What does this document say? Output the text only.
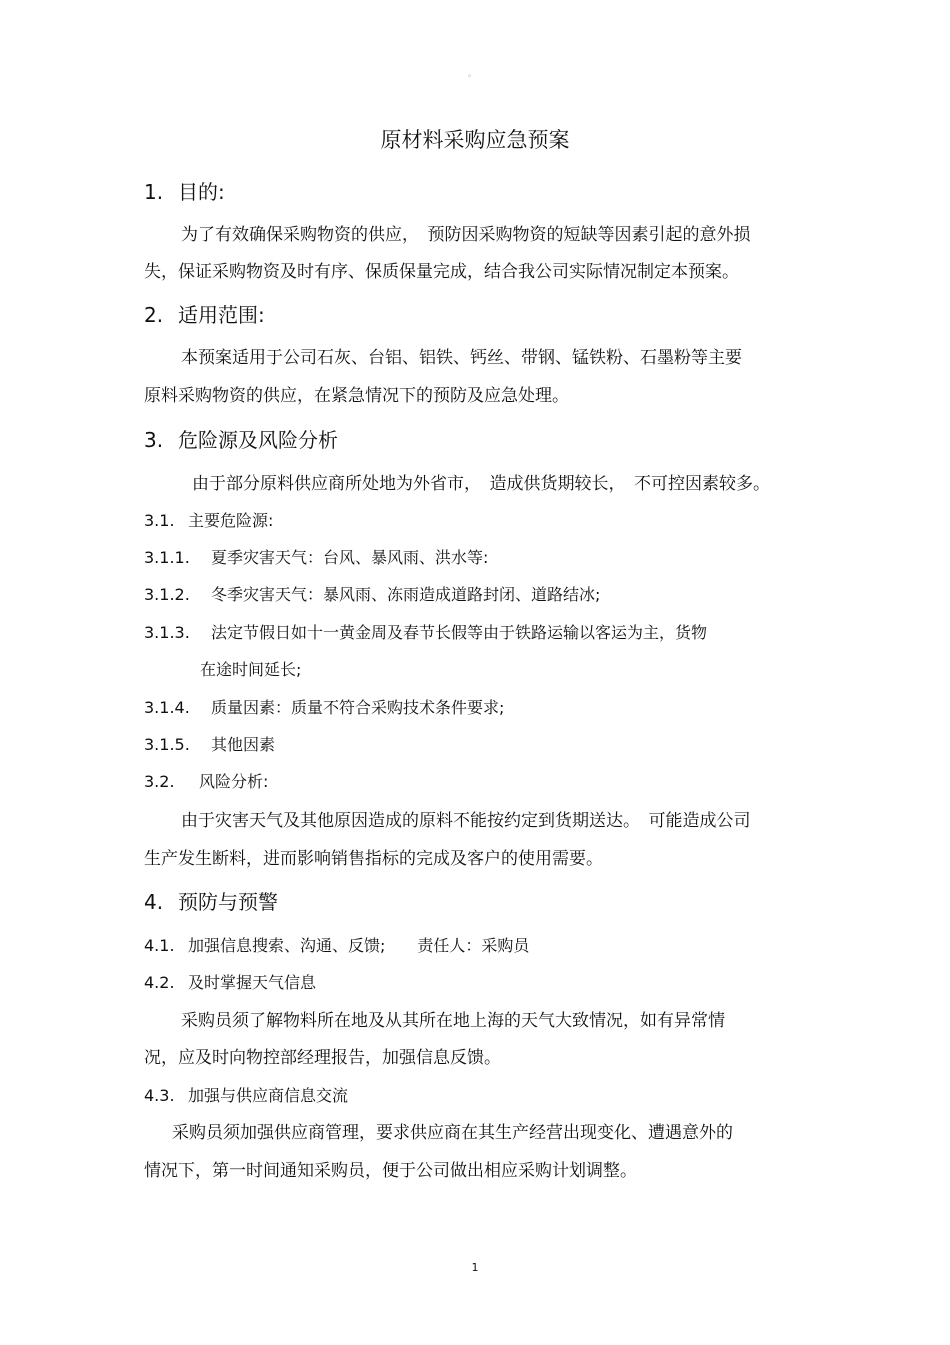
。
原材料采购应急预案
1. 目的:
为了有效确保采购物资的供应，　预防因采购物资的短缺等因素引起的意外损
失，保证采购物资及时有序、保质保量完成，结合我公司实际情况制定本预案。
2. 适用范围:
本预案适用于公司石灰、台铝、铝铁、钙丝、带钢、锰铁粉、石墨粉等主要
原料采购物资的供应，在紧急情况下的预防及应急处理。
3. 危险源及风险分析
由于部分原料供应商所处地为外省市，　造成供货期较长，　不可控因素较多。
3.1. 主要危险源:
3.1.1. 夏季灾害天气：台风、暴风雨、洪水等:
3.1.2. 冬季灾害天气：暴风雨、冻雨造成道路封闭、道路结冰;
3.1.3. 法定节假日如十一黄金周及春节长假等由于铁路运输以客运为主，货物
在途时间延长;
3.1.4. 质量因素：质量不符合采购技术条件要求;
3.1.5. 其他因素
3.2. 风险分析:
由于灾害天气及其他原因造成的原料不能按约定到货期送达。　可能造成公司
生产发生断料，进而影响销售指标的完成及客户的使用需要。
4. 预防与预警
4.1. 加强信息搜索、沟通、反馈;　　责任人：采购员
4.2. 及时掌握天气信息
采购员须了解物料所在地及从其所在地上海的天气大致情况，如有异常情
况，应及时向物控部经理报告，加强信息反馈。
4.3. 加强与供应商信息交流
采购员须加强供应商管理，要求供应商在其生产经营出现变化、遭遇意外的
情况下，第一时间通知采购员，便于公司做出相应采购计划调整。
1
